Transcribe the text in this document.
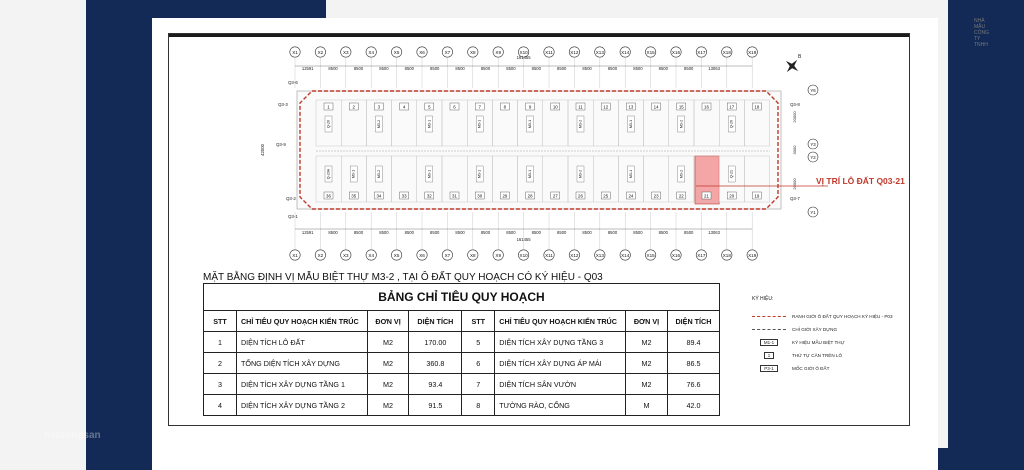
NHÀ MẪU CÔNG TY TNHH
X1	X2	X3	X4	X5	X6	X7	X8	X9	X10	X11	X12	X13	X14	X15	X16	X17	X18	X19
X1	X2	X3	X4	X5	X6	X7	X8	X9	X10	X11	X12	X13	X14	X15	X16	X17	X18	X19
12591
12591
8500
8500
8500
8500
8500
8500
8500
8500
8500
8500
8500
8500
8500
8500
8500
8500
8500
8500
8500
8500
8500
8500
8500
8500
8500
8500
8500
8500
8500
8500
13063
13063
161455
161455
1
36
Q-20
Q-20A
2
35
M3-1
3
34
M3-2
M3-2
4
33
5
32
M3-1
M3-1
6
31
7
30
M3-1
M3-1
8
29
9
28
M3-1
M3-1
10
27
11
26
M3-2
M3-2
12
25
13
24
M3-1
M3-1
14
23
15
22
M3-2
M3-2
16
21
17
20
Q-20
Q-21
18
19
Q3-6
Q3-3
Q3-2
Q3-1
Q3-8
Q3-7
Q3-9
42000
Y6
Y3
Y2
Y1
20000
3000
20000 VỊ TRÍ LÔ ĐẤT Q03-21
B
MẶT BẰNG ĐỊNH VỊ MẪU BIỆT THỰ M3-2 , TẠI Ô ĐẤT QUY HOẠCH CÓ KÝ HIỆU - Q03
BẢNG CHỈ TIÊU QUY HOẠCH							
STT	CHỈ TIÊU QUY HOẠCH KIẾN TRÚC	ĐƠN VỊ	DIỆN TÍCH	STT	CHỈ TIÊU QUY HOẠCH KIẾN TRÚC	ĐƠN VỊ	DIỆN TÍCH
1	DIỆN TÍCH LÔ ĐẤT	M2	170.00	5	DIỆN TÍCH XÂY DỰNG TẦNG 3	M2	89.4
2	TỔNG DIỆN TÍCH XÂY DỰNG	M2	360.8	6	DIỆN TÍCH XÂY DỰNG ÁP MÁI	M2	86.5
3	DIỆN TÍCH XÂY DỰNG TẦNG 1	M2	93.4	7	DIỆN TÍCH SÂN VƯỜN	M2	76.6
4	DIỆN TÍCH XÂY DỰNG TẦNG 2	M2	91.5	8	TƯỜNG RÀO, CỔNG	M	42.0
KÝ HIỆU:
RANH GIỚI Ô ĐẤT QUY HOẠCH KÝ HIỆU - P03
CHỈ GIỚI XÂY DỰNG
M1-1	KÝ HIỆU MẪU BIỆT THỰ
1	THỨ TỰ CĂN TRÊN LÔ
P3-1	MỐC GIỚI Ô ĐẤT
batdongsan
